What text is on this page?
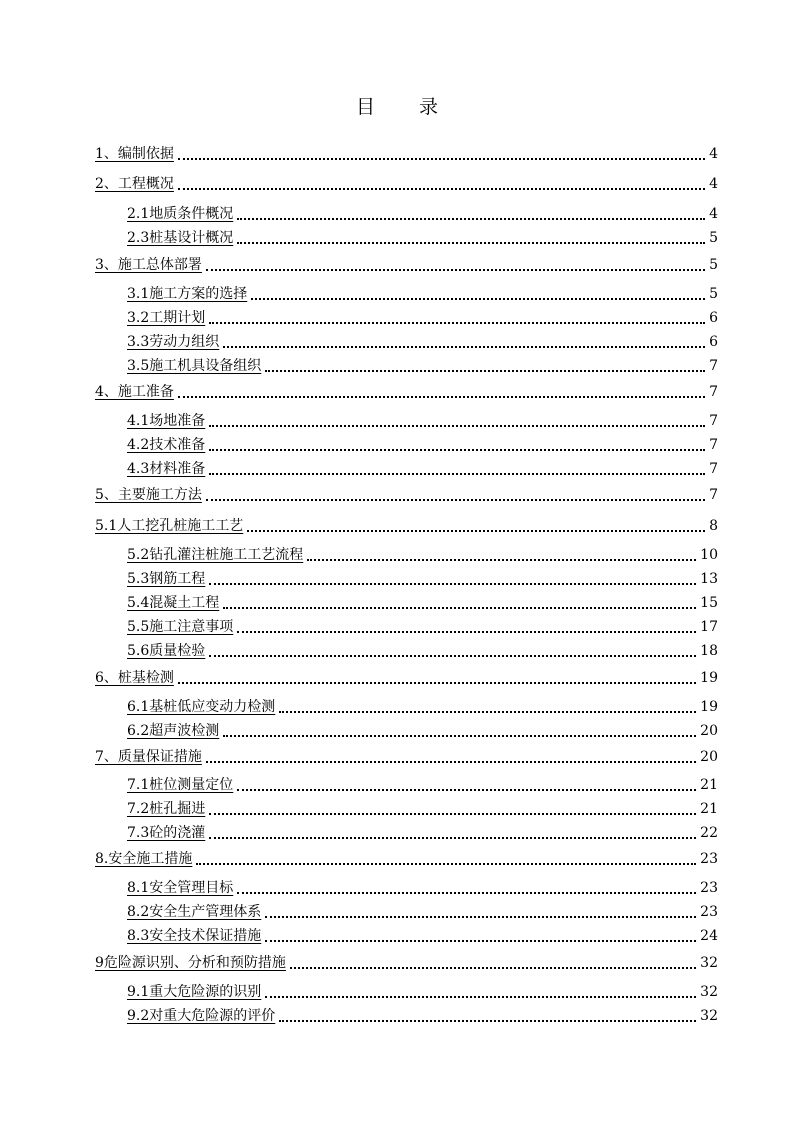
目 录
1、编制依据	4
2、工程概况	4
2.1地质条件概况	4
2.3桩基设计概况	5
3、施工总体部署	5
3.1施工方案的选择	5
3.2工期计划	6
3.3劳动力组织	6
3.5施工机具设备组织	7
4、施工准备	7
4.1场地准备	7
4.2技术准备	7
4.3材料准备	7
5、主要施工方法	7
5.1人工挖孔桩施工工艺	8
5.2钻孔灌注桩施工工艺流程	10
5.3钢筋工程	13
5.4混凝土工程	15
5.5施工注意事项	17
5.6质量检验	18
6、桩基检测	19
6.1基桩低应变动力检测	19
6.2超声波检测	20
7、质量保证措施	20
7.1桩位测量定位	21
7.2桩孔掘进	21
7.3砼的浇灌	22
8.安全施工措施	23
8.1安全管理目标	23
8.2安全生产管理体系	23
8.3安全技术保证措施	24
9危险源识别、分析和预防措施	32
9.1重大危险源的识别	32
9.2对重大危险源的评价	32
